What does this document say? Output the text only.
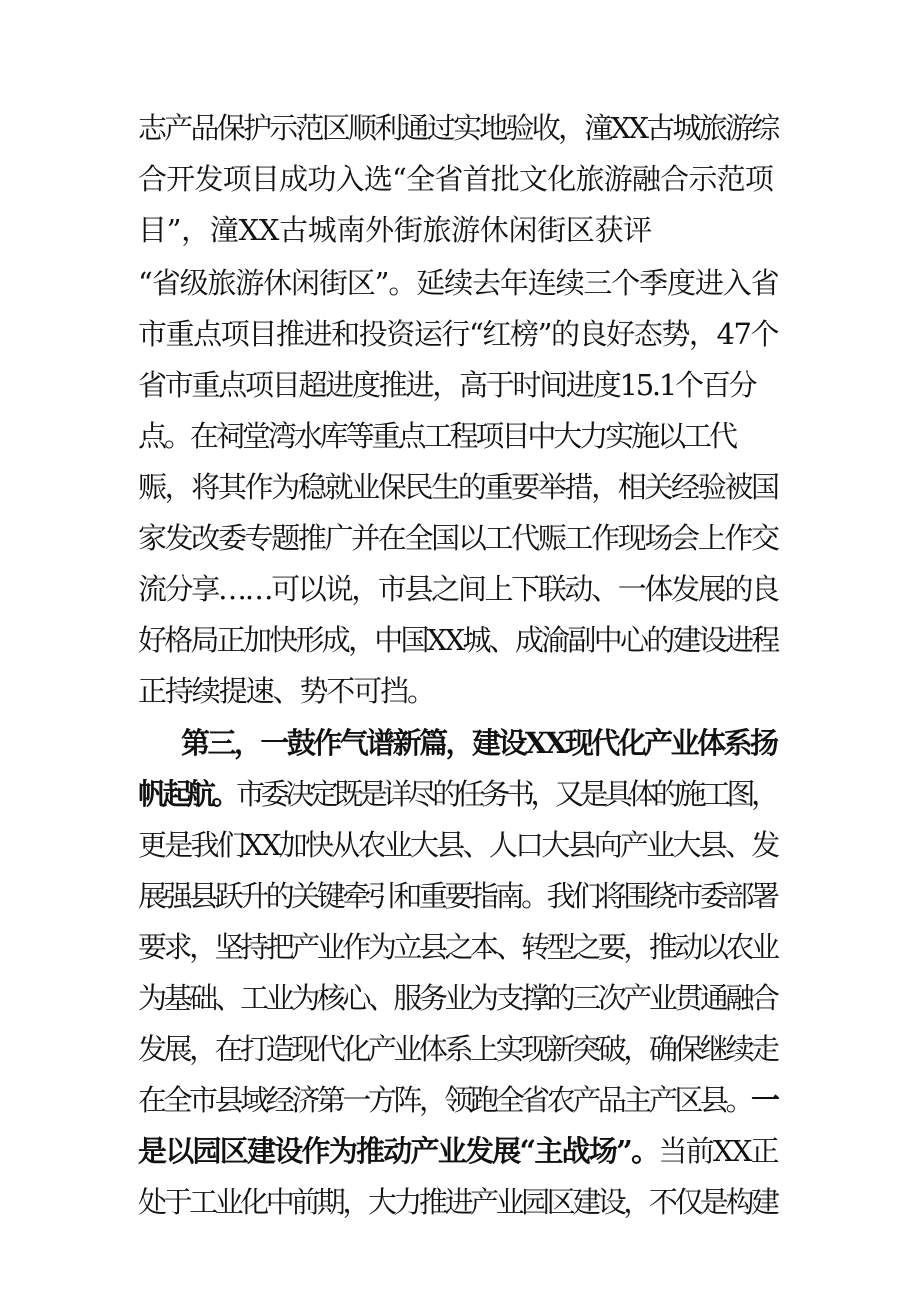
志产品保护示范区顺利通过实地验收，潼XX古城旅游综
合开发项目成功入选“全省首批文化旅游融合示范项
目”，潼XX古城南外街旅游休闲街区获评
“省级旅游休闲街区”。延续去年连续三个季度进入省
市重点项目推进和投资运行“红榜”的良好态势，47个
省市重点项目超进度推进，高于时间进度15.1个百分
点。在祠堂湾水库等重点工程项目中大力实施以工代
赈，将其作为稳就业保民生的重要举措，相关经验被国
家发改委专题推广并在全国以工代赈工作现场会上作交
流分享……可以说，市县之间上下联动、一体发展的良
好格局正加快形成，中国XX城、成渝副中心的建设进程
正持续提速、势不可挡。
第三，一鼓作气谱新篇，建设XX现代化产业体系扬
帆起航。市委决定既是详尽的任务书，又是具体的施工图，
更是我们XX加快从农业大县、人口大县向产业大县、发
展强县跃升的关键牵引和重要指南。我们将围绕市委部署
要求，坚持把产业作为立县之本、转型之要，推动以农业
为基础、工业为核心、服务业为支撑的三次产业贯通融合
发展，在打造现代化产业体系上实现新突破，确保继续走
在全市县域经济第一方阵，领跑全省农产品主产区县。一
是以园区建设作为推动产业发展“主战场”。当前XX正
处于工业化中前期，大力推进产业园区建设，不仅是构建
